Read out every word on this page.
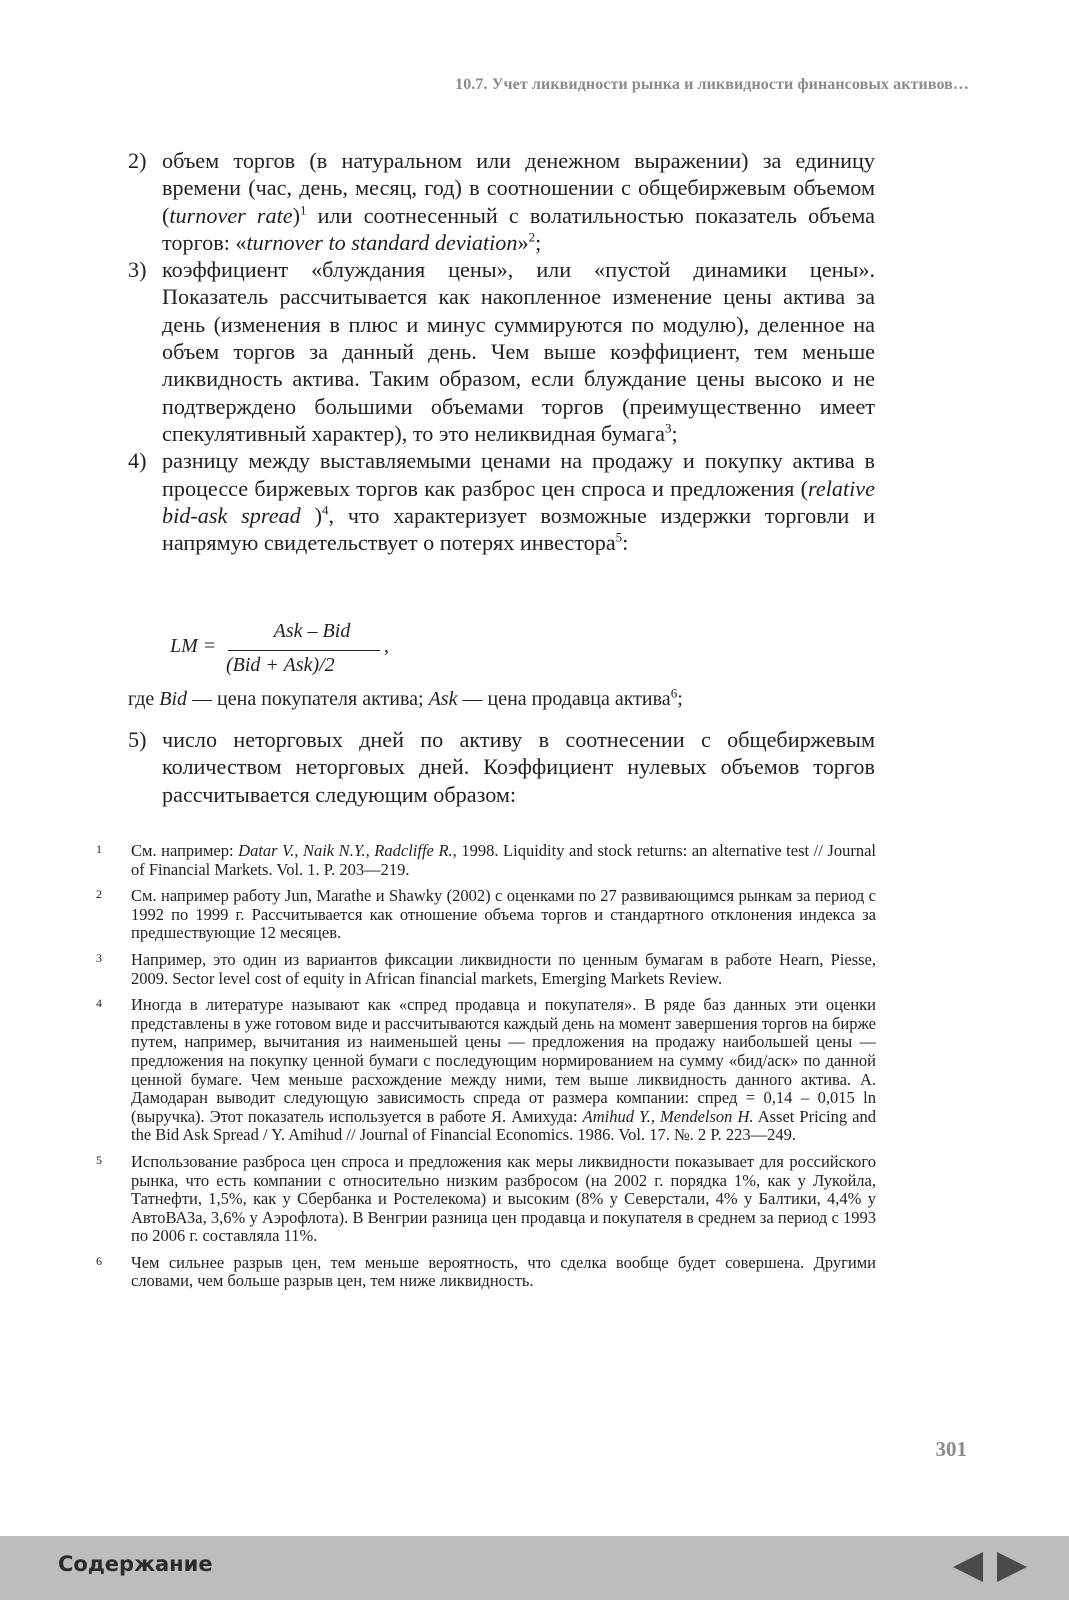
10.7. Учет ликвидности рынка и ликвидности финансовых активов…
2) объем торгов (в натуральном или денежном выражении) за единицу времени (час, день, месяц, год) в соотношении с общебиржевым объемом (turnover rate)$^1$ или соотнесенный с волатильностью показатель объема торгов: «turnover to standard deviation»$^2$;
3) коэффициент «блуждания цены», или «пустой динамики цены». Показатель рассчитывается как накопленное изменение цены актива за день (изменения в плюс и минус суммируются по модулю), деленное на объем торгов за данный день. Чем выше коэффициент, тем меньше ликвидность актива. Таким образом, если блуждание цены высоко и не подтверждено большими объемами торгов (преимущественно имеет спекулятивный характер), то это неликвидная бумага$^3$;
4) разницу между выставляемыми ценами на продажу и покупку актива в процессе биржевых торгов как разброс цен спроса и предложения (relative bid-ask spread )$^4$, что характеризует возможные издержки торговли и напрямую свидетельствует о потерях инвестора$^5$:
LM =
Ask – Bid
(Bid + Ask)/2
,
где Bid — цена покупателя актива; Ask — цена продавца актива$^6$;
5) число неторговых дней по активу в соотнесении с общебиржевым количеством неторговых дней. Коэффициент нулевых объемов торгов рассчитывается следующим образом:
1	См. например: Datar V., Naik N.Y., Radcliffe R., 1998. Liquidity and stock returns: an alternative test // Journal of Financial Markets. Vol. 1. P. 203—219.
2	См. например работу Jun, Marathe и Shawky (2002) с оценками по 27 развивающимся рынкам за период с 1992 по 1999 г. Рассчитывается как отношение объема торгов и стандартного отклонения индекса за предшествующие 12 месяцев.
3	Например, это один из вариантов фиксации ликвидности по ценным бумагам в работе Hearn, Piesse, 2009. Sector level cost of equity in African financial markets, Emerging Markets Review.
4	Иногда в литературе называют как «спред продавца и покупателя». В ряде баз данных эти оценки представлены в уже готовом виде и рассчитываются каждый день на момент завершения торгов на бирже путем, например, вычитания из наименьшей цены — предложения на продажу наибольшей цены — предложения на покупку ценной бумаги с последующим нормированием на сумму «бид/аск» по данной ценной бумаге. Чем меньше расхождение между ними, тем выше ликвидность данного актива. А. Дамодаран выводит следующую зависимость спреда от размера компании: спред = 0,14 – 0,015 ln (выручка). Этот показатель используется в работе Я. Амихуда: Amihud Y., Mendelson H. Asset Pricing and the Bid Ask Spread / Y. Amihud // Journal of Financial Economics. 1986. Vol. 17. №. 2 P. 223—249.
5	Использование разброса цен спроса и предложения как меры ликвидности показывает для российского рынка, что есть компании с относительно низким разбросом (на 2002 г. порядка 1%, как у Лукойла, Татнефти, 1,5%, как у Сбербанка и Ростелекома) и высоким (8% у Северстали, 4% у Балтики, 4,4% у АвтоВАЗа, 3,6% у Аэрофлота). В Венгрии разница цен продавца и покупателя в среднем за период с 1993 по 2006 г. составляла 11%.
6	Чем сильнее разрыв цен, тем меньше вероятность, что сделка вообще будет совершена. Другими словами, чем больше разрыв цен, тем ниже ликвидность.
301
Содержание
